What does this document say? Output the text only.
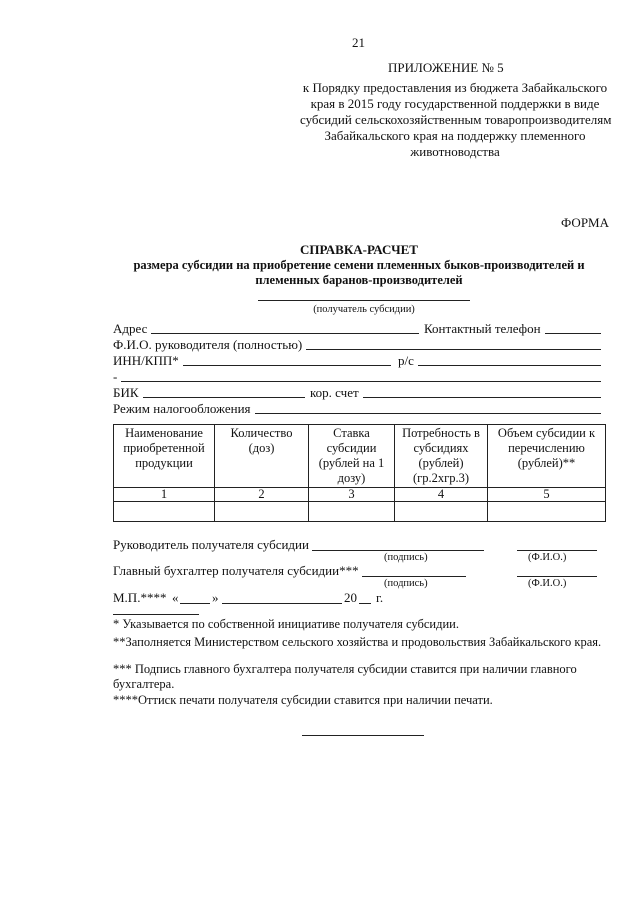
21
ПРИЛОЖЕНИЕ № 5
к Порядку предоставления из бюджета Забайкальского
края в 2015 году государственной поддержки в виде
субсидий сельскохозяйственным товаропроизводителям
Забайкальского края на поддержку племенного
животноводства
ФОРМА
СПРАВКА-РАСЧЕТ
размера субсидии на приобретение семени племенных быков-производителей и
племенных баранов-производителей
(получатель субсидии)
Адрес	Контактный телефон
Ф.И.О. руководителя (полностью)
ИНН/КПП*	р/с
-
БИК	кор. счет
Режим налогообложения
Наименование приобретенной продукции	Количество (доз)	Ставка субсидии (рублей на 1 дозу)	Потребность в субсидиях (рублей) (гр.2хгр.3)	Объем субсидии к перечислению (рублей)**
1	2	3	4	5

Руководитель получателя субсидии
(подпись)	(Ф.И.О.)
Главный бухгалтер получателя субсидии***
(подпись)	(Ф.И.О.)
М.П.**** «	»	20 г.
* Указывается по собственной инициативе получателя субсидии.
**Заполняется Министерством сельского хозяйства и продовольствия Забайкальского края.
*** Подпись главного бухгалтера получателя субсидии ставится при наличии главного бухгалтера.
****Оттиск печати получателя субсидии ставится при наличии печати.
